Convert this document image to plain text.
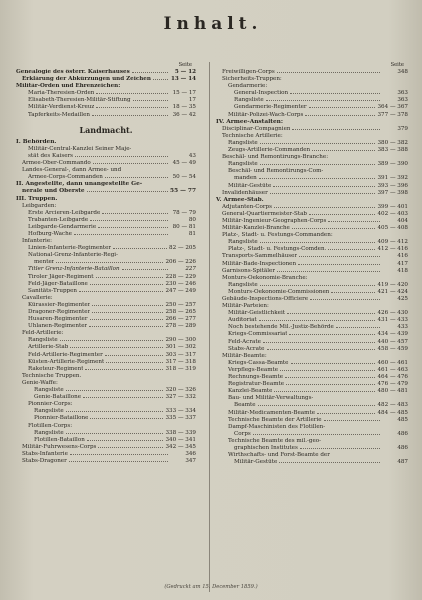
Inhalt.
Seite
Genealogie des österr. Kaiserhauses	5 — 12
Erklärung der Abkürzungen und Zeichen	13 — 14
Militär-Orden und Ehrenzeichen:
Maria-Theresien-Orden	15 — 17
Elisabeth-Theresien-Militär-Stiftung	17
Militär-Verdienst-Kreuz	18 — 35
Tapferkeits-Medaillen	36 — 42
Landmacht.
I. Behörden.
Militär-Central-Kanzlei Seiner Maje-
stät des Kaisers	43
Armee-Ober-Commando	45 — 49
Landes-General-, dann Armee- und
Armee-Corps-Commanden	50 — 54
II. Angestellte, dann unangestellte Ge-
nerale und Oberste	55 — 77
III. Truppen.
Leibgarden:
Erste Arcieren-Leibgarde	78 — 79
Trabanten-Leibgarde	80
Leibgarde-Gendarmerie	80 — 81
Hofburg-Wache	81
Infanterie:
Linien-Infanterie-Regimenter	82 — 205
National-Grenz-Infanterie-Regi-
menter	206 — 226
Titler Grenz-Infanterie-Bataillon	227
Tiroler Jäger-Regiment	228 — 229
Feld-Jäger-Bataillone	230 — 246
Sanitäts-Truppen	247 — 249
Cavallerie:
Kürassier-Regimenter	250 — 257
Dragoner-Regimenter	258 — 265
Husaren-Regimenter	266 — 277
Uhlanen-Regimenter	278 — 289
Feld-Artillerie:
Rangsliste	290 — 300
Artillerie-Stab	301 — 302
Feld-Artillerie-Regimenter	303 — 317
Küsten-Artillerie-Regiment	317 — 318
Raketeur-Regiment	318 — 319
Technische Truppen.
Genie-Waffe:
Rangsliste	320 — 326
Genie-Bataillone	327 — 332
Pionnier-Corps:
Rangsliste	333 — 334
Pionnier-Bataillone	335 — 337
Flotillen-Corps:
Rangsliste	338 — 339
Flotillen-Bataillon	340 — 341
Militär-Fuhrwesens-Corps	342 — 345
Stabs-Infanterie	346
Stabs-Dragoner	347
Seite
Freiwilligen-Corps	348
Sicherheits-Truppen:
Gendarmerie:
General-Inspection	363
Rangsliste	363
Gendarmerie-Regimenter	364 — 367
Militär-Polizei-Wach-Corps	377 — 378
IV. Armee-Anstalten:
Disciplinar-Compagnien	379
Technische Artillerie:
Rangsliste	380 — 382
Zeugs-Artillerie-Commanden	383 — 388
Beschäl- und Remontirungs-Branche:
Rangsliste	389 — 390
Beschäl- und Remontirungs-Com-
manden	391 — 392
Militär-Gestüte	393 — 396
Invalidenhäuser	397 — 398
V. Armee-Stab.
Adjutanten-Corps	399 — 401
General-Quartiermeister-Stab	402 — 403
Militär-Ingenieur-Geographen-Corps	404
Militär-Kanzlei-Branche	405 — 408
Platz-, Stadt- u. Festungs-Commanden:
Rangsliste	409 — 412
Platz-, Stadt- u. Festungs-Comden.	412 — 416
Transports-Sammelhäuser	416
Militär-Bade-Inspectionen	417
Garnisons-Spitäler	418
Monturs-Oekonomie-Branche:
Rangsliste	419 — 420
Monturs-Oekonomie-Commissionen	421 — 424
Gebäude-Inspections-Officiere	425
Militär-Parteien:
Militär-Geistlichkeit	426 — 430
Auditoriat	431 — 433
Noch bestehende Mil.-Justiz-Behörde	433
Kriegs-Commissariat	434 — 439
Feld-Acrate	440 — 457
Stabs-Acrate	458 — 459
Militär-Beamte:
Kriegs-Cassa-Beamte	460 — 461
Verpflegs-Beamte	461 — 463
Rechnungs-Beamte	464 — 476
Registratur-Beamte	476 — 479
Kanzlei-Beamte	480 — 481
Bau- und Militär-Verwaltungs-
Beamte	482 — 483
Militär-Medicamenten-Beamte	484 — 485
Technische Beamte der Artillerie	485
Dampf-Maschinisten des Flotillen-
Corps	486
Technische Beamte des mil.-geo-
graphischen Institutes	486
Wirthschafts- und Forst-Beamte der
Militär-Gestüte	487
(Gedruckt am 15. December 1859.)
